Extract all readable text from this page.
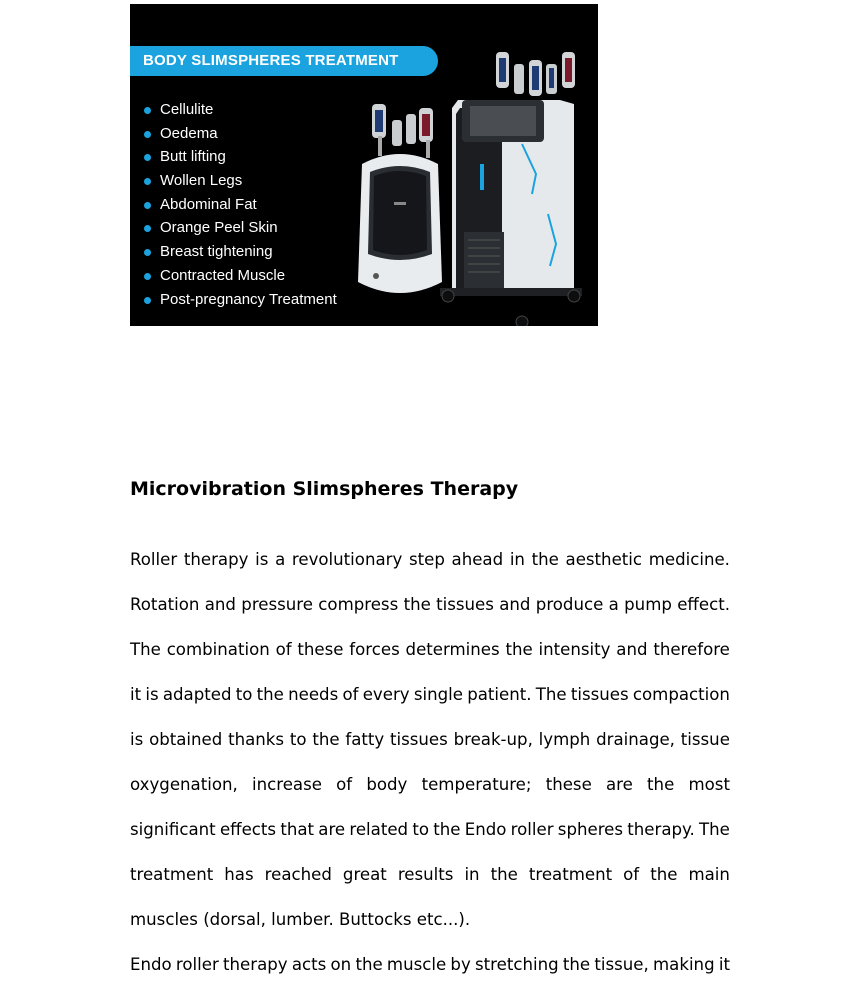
BODY SLIMSPHERES TREATMENT
Cellulite
Oedema
Butt lifting
Wollen Legs
Abdominal Fat
Orange Peel Skin
Breast tightening
Contracted Muscle
Post-pregnancy Treatment
Microvibration Slimspheres Therapy

Roller therapy is a revolutionary step ahead in the aesthetic medicine.

Rotation and pressure compress the tissues and produce a pump effect.

The combination of these forces determines the intensity and therefore

it is adapted to the needs of every single patient. The tissues compaction

is obtained thanks to the fatty tissues break-up, lymph drainage, tissue

oxygenation, increase of body temperature; these are the most

significant effects that are related to the Endo roller spheres therapy. The

treatment has reached great results in the treatment of the main

muscles (dorsal, lumber. Buttocks etc...).

Endo roller therapy acts on the muscle by stretching the tissue, making it
